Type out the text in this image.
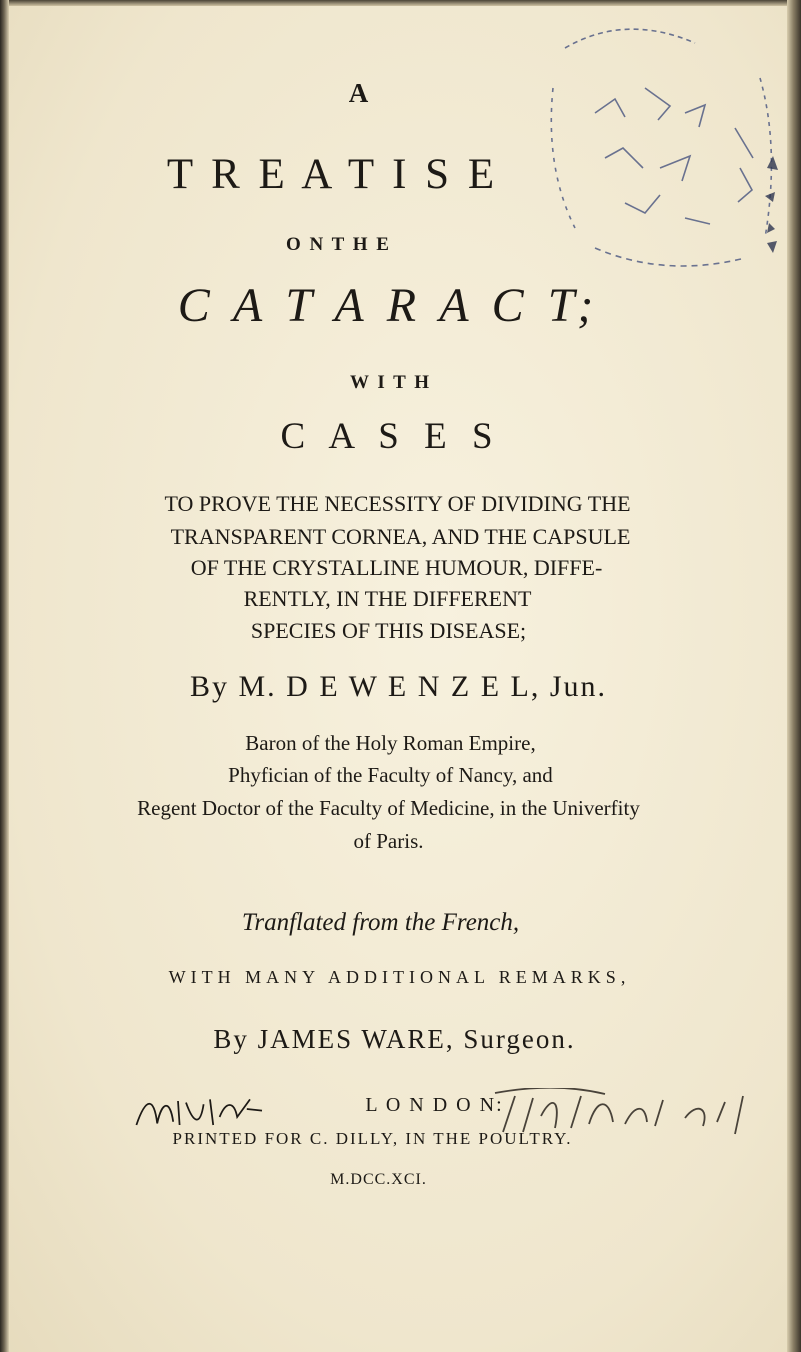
A
T R E A T I S E
O N T H E
C A T A R A C T;
W I T H
C A S E S
TO PROVE THE NECESSITY OF DIVIDING THE
TRANSPARENT CORNEA, AND THE CAPSULE
OF THE CRYSTALLINE HUMOUR, DIFFE-
RENTLY, IN THE DIFFERENT
SPECIES OF THIS DISEASE;
By M. D E W E N Z E L, Jun.
Baron of the Holy Roman Empire,
Phyfician of the Faculty of Nancy, and
Regent Doctor of the Faculty of Medicine, in the Univerfity
of Paris.
Tranflated from the French,
WITH MANY ADDITIONAL REMARKS,
By JAMES WARE, Surgeon.
L O N D O N:
PRINTED FOR C. DILLY, IN THE POULTRY.
M.DCC.XCI.
